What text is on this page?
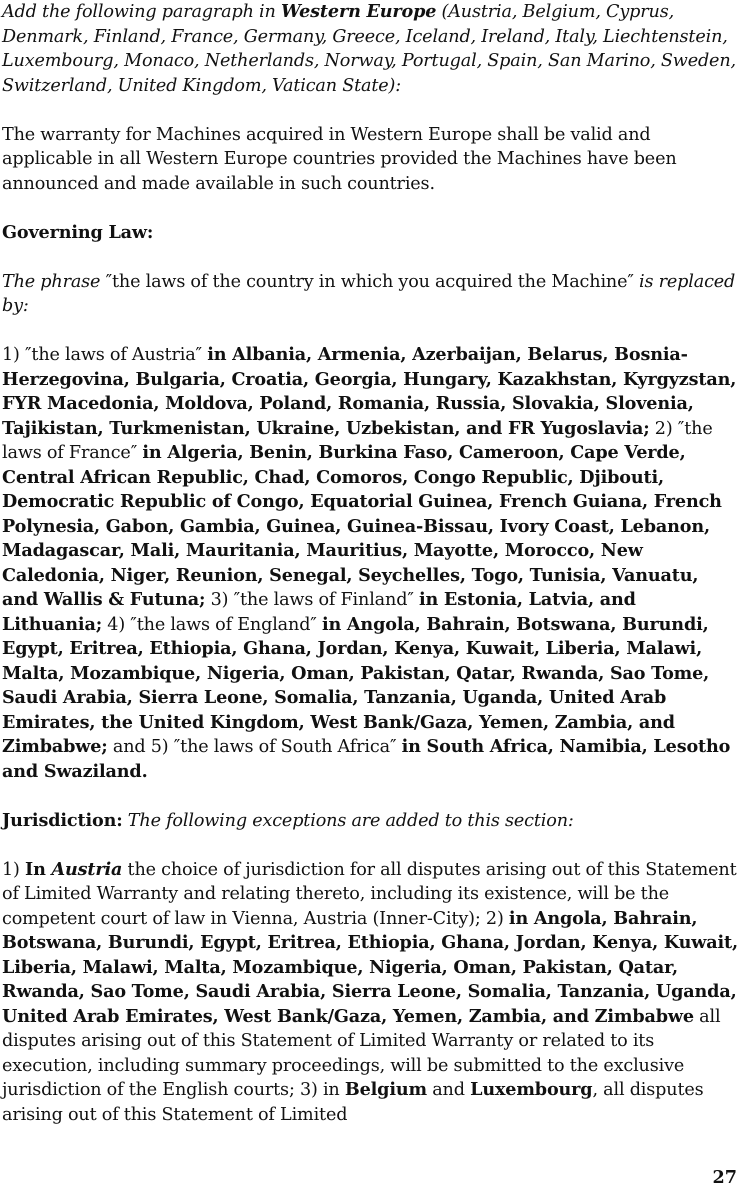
Add the following paragraph in Western Europe (Austria, Belgium, Cyprus, Denmark, Finland, France, Germany, Greece, Iceland, Ireland, Italy, Liechtenstein, Luxembourg, Monaco, Netherlands, Norway, Portugal, Spain, San Marino, Sweden, Switzerland, United Kingdom, Vatican State):

The warranty for Machines acquired in Western Europe shall be valid and applicable in all Western Europe countries provided the Machines have been announced and made available in such countries.

Governing Law:

The phrase ″the laws of the country in which you acquired the Machine″ is replaced by:

1) ″the laws of Austria″ in Albania, Armenia, Azerbaijan, Belarus, Bosnia-Herzegovina, Bulgaria, Croatia, Georgia, Hungary, Kazakhstan, Kyrgyzstan, FYR Macedonia, Moldova, Poland, Romania, Russia, Slovakia, Slovenia, Tajikistan, Turkmenistan, Ukraine, Uzbekistan, and FR Yugoslavia; 2) ″the laws of France″ in Algeria, Benin, Burkina Faso, Cameroon, Cape Verde, Central African Republic, Chad, Comoros, Congo Republic, Djibouti, Democratic Republic of Congo, Equatorial Guinea, French Guiana, French Polynesia, Gabon, Gambia, Guinea, Guinea-Bissau, Ivory Coast, Lebanon, Madagascar, Mali, Mauritania, Mauritius, Mayotte, Morocco, New Caledonia, Niger, Reunion, Senegal, Seychelles, Togo, Tunisia, Vanuatu, and Wallis & Futuna; 3) ″the laws of Finland″ in Estonia, Latvia, and Lithuania; 4) ″the laws of England″ in Angola, Bahrain, Botswana, Burundi, Egypt, Eritrea, Ethiopia, Ghana, Jordan, Kenya, Kuwait, Liberia, Malawi, Malta, Mozambique, Nigeria, Oman, Pakistan, Qatar, Rwanda, Sao Tome, Saudi Arabia, Sierra Leone, Somalia, Tanzania, Uganda, United Arab Emirates, the United Kingdom, West Bank/Gaza, Yemen, Zambia, and Zimbabwe; and 5) ″the laws of South Africa″ in South Africa, Namibia, Lesotho and Swaziland.

Jurisdiction: The following exceptions are added to this section:

1) In Austria the choice of jurisdiction for all disputes arising out of this Statement of Limited Warranty and relating thereto, including its existence, will be the competent court of law in Vienna, Austria (Inner-City); 2) in Angola, Bahrain, Botswana, Burundi, Egypt, Eritrea, Ethiopia, Ghana, Jordan, Kenya, Kuwait, Liberia, Malawi, Malta, Mozambique, Nigeria, Oman, Pakistan, Qatar, Rwanda, Sao Tome, Saudi Arabia, Sierra Leone, Somalia, Tanzania, Uganda, United Arab Emirates, West Bank/Gaza, Yemen, Zambia, and Zimbabwe all disputes arising out of this Statement of Limited Warranty or related to its execution, including summary proceedings, will be submitted to the exclusive jurisdiction of the English courts; 3) in Belgium and Luxembourg, all disputes arising out of this Statement of Limited

27
